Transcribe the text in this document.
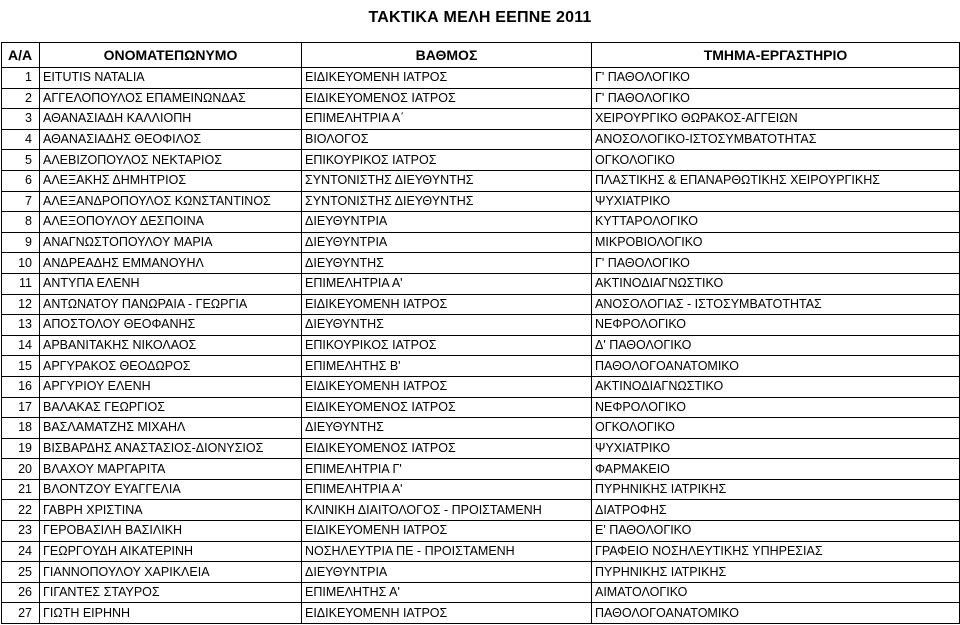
ΤΑΚΤΙΚΑ ΜΕΛΗ ΕΕΠΝΕ 2011
A/A	ΟΝΟΜΑΤΕΠΩΝΥΜΟ	ΒΑΘΜΟΣ	ΤΜΗΜΑ-ΕΡΓΑΣΤΗΡΙΟ
1	EITUTIS NATALIA	ΕΙΔΙΚΕΥΟΜΕΝΗ ΙΑΤΡΟΣ	Γ' ΠΑΘΟΛΟΓΙΚΟ
2	ΑΓΓΕΛΟΠΟΥΛΟΣ ΕΠΑΜΕΙΝΩΝΔΑΣ	ΕΙΔΙΚΕΥΟΜΕΝΟΣ ΙΑΤΡΟΣ	Γ' ΠΑΘΟΛΟΓΙΚΟ
3	ΑΘΑΝΑΣΙΑΔΗ ΚΑΛΛΙΟΠΗ	ΕΠΙΜΕΛΗΤΡΙΑ Α΄	ΧΕΙΡΟΥΡΓΙΚΟ ΘΩΡΑΚΟΣ-ΑΓΓΕΙΩΝ
4	ΑΘΑΝΑΣΙΑΔΗΣ ΘΕΟΦΙΛΟΣ	ΒΙΟΛΟΓΟΣ	ΑΝΟΣΟΛΟΓΙΚΟ-ΙΣΤΟΣΥΜΒΑΤΟΤΗΤΑΣ
5	ΑΛΕΒΙΖΟΠΟΥΛΟΣ ΝΕΚΤΑΡΙΟΣ	ΕΠΙΚΟΥΡΙΚΟΣ ΙΑΤΡΟΣ	ΟΓΚΟΛΟΓΙΚΟ
6	ΑΛΕΞΑΚΗΣ ΔΗΜΗΤΡΙΟΣ	ΣΥΝΤΟΝΙΣΤΗΣ ΔΙΕΥΘΥΝΤΗΣ	ΠΛΑΣΤΙΚΗΣ & ΕΠΑΝΑΡΘΩΤΙΚΗΣ ΧΕΙΡΟΥΡΓΙΚΗΣ
7	ΑΛΕΞΑΝΔΡΟΠΟΥΛΟΣ ΚΩΝΣΤΑΝΤΙΝΟΣ	ΣΥΝΤΟΝΙΣΤΗΣ ΔΙΕΥΘΥΝΤΗΣ	ΨΥΧΙΑΤΡΙΚΟ
8	ΑΛΕΞΟΠΟΥΛΟΥ ΔΕΣΠΟΙΝΑ	ΔΙΕΥΘΥΝΤΡΙΑ	ΚΥΤΤΑΡΟΛΟΓΙΚΟ
9	ΑΝΑΓΝΩΣΤΟΠΟΥΛΟΥ ΜΑΡΙΑ	ΔΙΕΥΘΥΝΤΡΙΑ	ΜΙΚΡΟΒΙΟΛΟΓΙΚΟ
10	ΑΝΔΡΕΑΔΗΣ ΕΜΜΑΝΟΥΗΛ	ΔΙΕΥΘΥΝΤΗΣ	Γ' ΠΑΘΟΛΟΓΙΚΟ
11	ΑΝΤΥΠΑ ΕΛΕΝΗ	ΕΠΙΜΕΛΗΤΡΙΑ Α'	ΑΚΤΙΝΟΔΙΑΓΝΩΣΤΙΚΟ
12	ΑΝΤΩΝΑΤΟΥ ΠΑΝΩΡΑΙΑ - ΓΕΩΡΓΙΑ	ΕΙΔΙΚΕΥΟΜΕΝΗ ΙΑΤΡΟΣ	ΑΝΟΣΟΛΟΓΙΑΣ - ΙΣΤΟΣΥΜΒΑΤΟΤΗΤΑΣ
13	ΑΠΟΣΤΟΛΟΥ ΘΕΟΦΑΝΗΣ	ΔΙΕΥΘΥΝΤΗΣ	ΝΕΦΡΟΛΟΓΙΚΟ
14	ΑΡΒΑΝΙΤΑΚΗΣ ΝΙΚΟΛΑΟΣ	ΕΠΙΚΟΥΡΙΚΟΣ ΙΑΤΡΟΣ	Δ' ΠΑΘΟΛΟΓΙΚΟ
15	ΑΡΓΥΡΑΚΟΣ ΘΕΟΔΩΡΟΣ	ΕΠΙΜΕΛΗΤΗΣ Β'	ΠΑΘΟΛΟΓΟΑΝΑΤΟΜΙΚΟ
16	ΑΡΓΥΡΙΟΥ ΕΛΕΝΗ	ΕΙΔΙΚΕΥΟΜΕΝΗ ΙΑΤΡΟΣ	ΑΚΤΙΝΟΔΙΑΓΝΩΣΤΙΚΟ
17	ΒΑΛΑΚΑΣ ΓΕΩΡΓΙΟΣ	ΕΙΔΙΚΕΥΟΜΕΝΟΣ ΙΑΤΡΟΣ	ΝΕΦΡΟΛΟΓΙΚΟ
18	ΒΑΣΛΑΜΑΤΖΗΣ ΜΙΧΑΗΛ	ΔΙΕΥΘΥΝΤΗΣ	ΟΓΚΟΛΟΓΙΚΟ
19	ΒΙΣΒΑΡΔΗΣ ΑΝΑΣΤΑΣΙΟΣ-ΔΙΟΝΥΣΙΟΣ	ΕΙΔΙΚΕΥΟΜΕΝΟΣ ΙΑΤΡΟΣ	ΨΥΧΙΑΤΡΙΚΟ
20	ΒΛΑΧΟΥ ΜΑΡΓΑΡΙΤΑ	ΕΠΙΜΕΛΗΤΡΙΑ Γ'	ΦΑΡΜΑΚΕΙΟ
21	ΒΛΟΝΤΖΟΥ ΕΥΑΓΓΕΛΙΑ	ΕΠΙΜΕΛΗΤΡΙΑ Α'	ΠΥΡΗΝΙΚΗΣ ΙΑΤΡΙΚΗΣ
22	ΓΑΒΡΗ ΧΡΙΣΤΙΝΑ	ΚΛΙΝΙΚΗ ΔΙΑΙΤΟΛΟΓΟΣ - ΠΡΟΙΣΤΑΜΕΝΗ	ΔΙΑΤΡΟΦΗΣ
23	ΓΕΡΟΒΑΣΙΛΗ ΒΑΣΙΛΙΚΗ	ΕΙΔΙΚΕΥΟΜΕΝΗ ΙΑΤΡΟΣ	Ε' ΠΑΘΟΛΟΓΙΚΟ
24	ΓΕΩΡΓΟΥΔΗ ΑΙΚΑΤΕΡΙΝΗ	ΝΟΣΗΛΕΥΤΡΙΑ ΠΕ - ΠΡΟΙΣΤΑΜΕΝΗ	ΓΡΑΦΕΙΟ ΝΟΣΗΛΕΥΤΙΚΗΣ ΥΠΗΡΕΣΙΑΣ
25	ΓΙΑΝΝΟΠΟΥΛΟΥ ΧΑΡΙΚΛΕΙΑ	ΔΙΕΥΘΥΝΤΡΙΑ	ΠΥΡΗΝΙΚΗΣ ΙΑΤΡΙΚΗΣ
26	ΓΙΓΑΝΤΕΣ ΣΤΑΥΡΟΣ	ΕΠΙΜΕΛΗΤΗΣ Α'	ΑΙΜΑΤΟΛΟΓΙΚΟ
27	ΓΙΩΤΗ ΕΙΡΗΝΗ	ΕΙΔΙΚΕΥΟΜΕΝΗ ΙΑΤΡΟΣ	ΠΑΘΟΛΟΓΟΑΝΑΤΟΜΙΚΟ
